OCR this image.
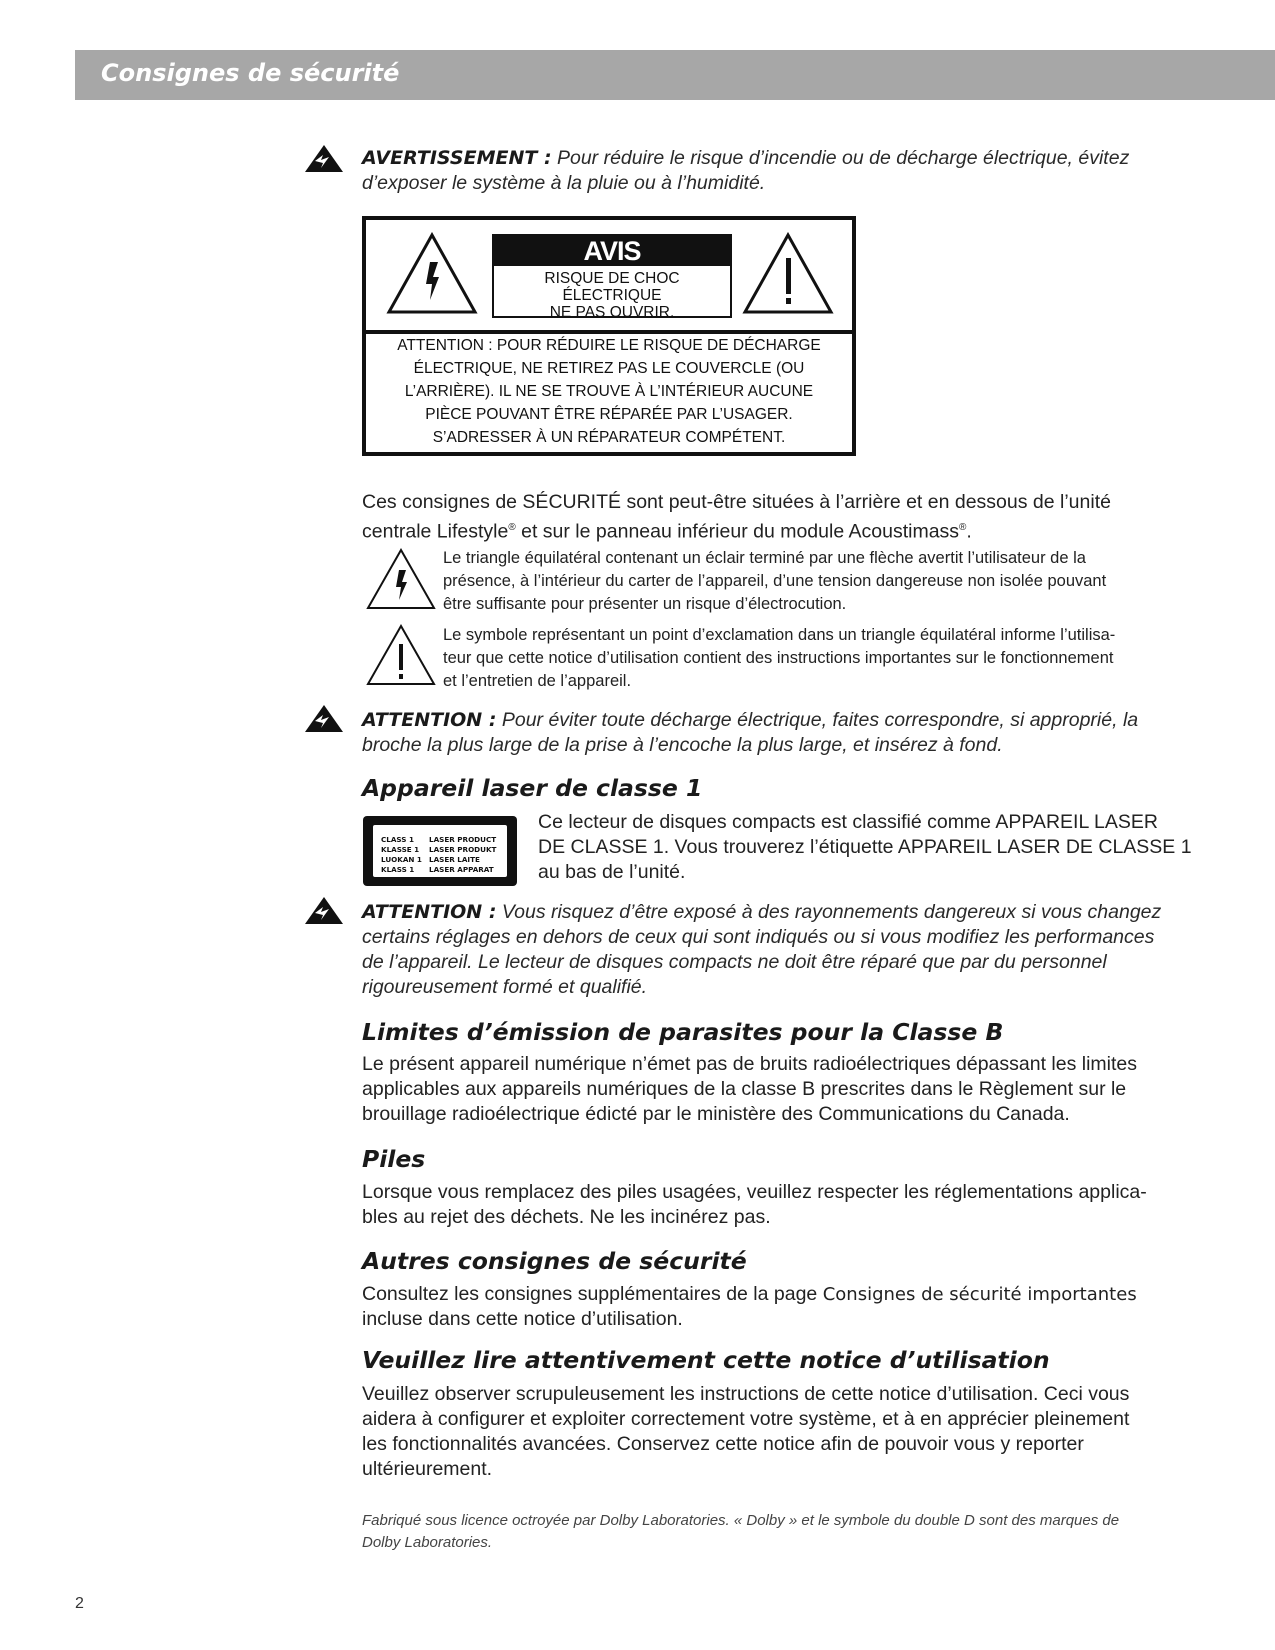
Consignes de sécurité
AVERTISSEMENT : Pour réduire le risque d’incendie ou de décharge électrique, évitez
d’exposer le système à la pluie ou à l’humidité.
AVIS
RISQUE DE CHOC ÉLECTRIQUE
NE PAS OUVRIR.
ATTENTION : POUR RÉDUIRE LE RISQUE DE DÉCHARGE
ÉLECTRIQUE, NE RETIREZ PAS LE COUVERCLE (OU
L’ARRIÈRE). IL NE SE TROUVE À L’INTÉRIEUR AUCUNE
PIÈCE POUVANT ÊTRE RÉPARÉE PAR L’USAGER.
S’ADRESSER À UN RÉPARATEUR COMPÉTENT.
Ces consignes de SÉCURITÉ sont peut-être situées à l’arrière et en dessous de l’unité
centrale Lifestyle® et sur le panneau inférieur du module Acoustimass®.
Le triangle équilatéral contenant un éclair terminé par une flèche avertit l’utilisateur de la
présence, à l’intérieur du carter de l’appareil, d’une tension dangereuse non isolée pouvant
être suffisante pour présenter un risque d’électrocution.
Le symbole représentant un point d’exclamation dans un triangle équilatéral informe l’utilisa-
teur que cette notice d’utilisation contient des instructions importantes sur le fonctionnement
et l’entretien de l’appareil.
ATTENTION : Pour éviter toute décharge électrique, faites correspondre, si approprié, la
broche la plus large de la prise à l’encoche la plus large, et insérez à fond.
Appareil laser de classe 1
CLASS 1 LASER PRODUCT
KLASSE 1 LASER PRODUKT
LUOKAN 1 LASER LAITE
KLASS 1 LASER APPARAT
Ce lecteur de disques compacts est classifié comme APPAREIL LASER
DE CLASSE 1. Vous trouverez l’étiquette APPAREIL LASER DE CLASSE 1
au bas de l’unité.
ATTENTION : Vous risquez d’être exposé à des rayonnements dangereux si vous changez
certains réglages en dehors de ceux qui sont indiqués ou si vous modifiez les performances
de l’appareil. Le lecteur de disques compacts ne doit être réparé que par du personnel
rigoureusement formé et qualifié.
Limites d’émission de parasites pour la Classe B
Le présent appareil numérique n’émet pas de bruits radioélectriques dépassant les limites
applicables aux appareils numériques de la classe B prescrites dans le Règlement sur le
brouillage radioélectrique édicté par le ministère des Communications du Canada.
Piles
Lorsque vous remplacez des piles usagées, veuillez respecter les réglementations applica-
bles au rejet des déchets. Ne les incinérez pas.
Autres consignes de sécurité
Consultez les consignes supplémentaires de la page Consignes de sécurité importantes
incluse dans cette notice d’utilisation.
Veuillez lire attentivement cette notice d’utilisation
Veuillez observer scrupuleusement les instructions de cette notice d’utilisation. Ceci vous
aidera à configurer et exploiter correctement votre système, et à en apprécier pleinement
les fonctionnalités avancées. Conservez cette notice afin de pouvoir vous y reporter
ultérieurement.
Fabriqué sous licence octroyée par Dolby Laboratories. « Dolby » et le symbole du double D sont des marques de
Dolby Laboratories.
2
